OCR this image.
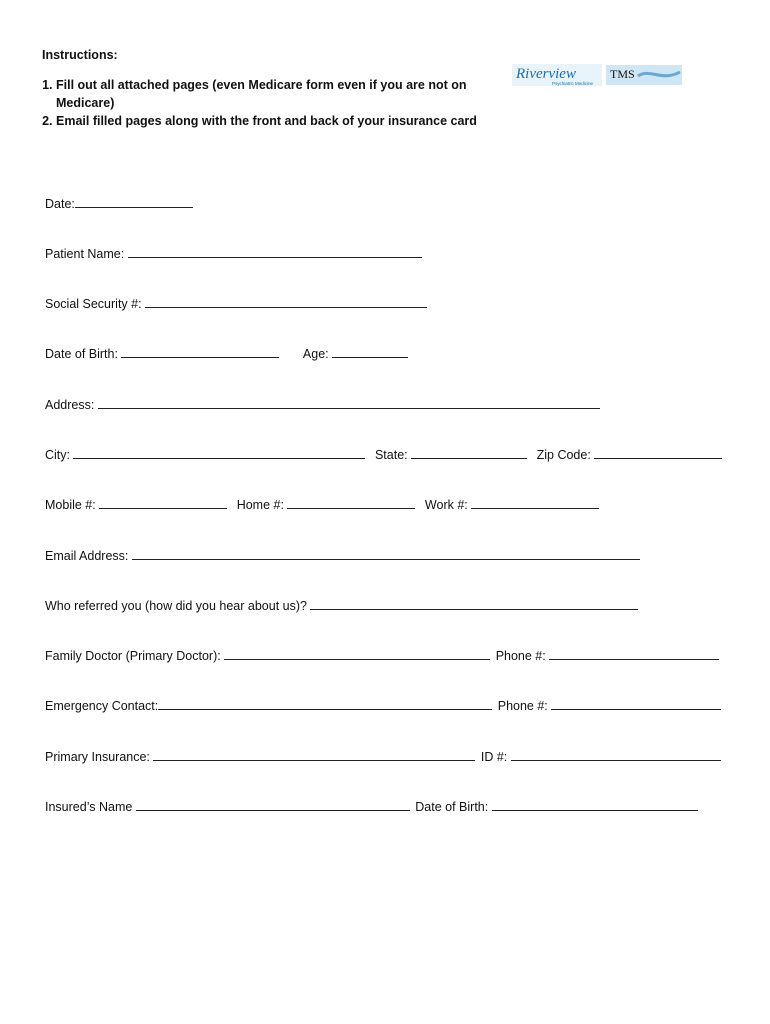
Instructions:
1. Fill out all attached pages (even Medicare form even if you are not on Medicare)
2. Email filled pages along with the front and back of your insurance card
Riverview
Psychiatric Medicine
TMS
Date:
Patient Name:
Social Security #:
Date of Birth:	Age:
Address:
City:	State:	Zip Code:
Mobile #:	Home #:	Work #:
Email Address:
Who referred you (how did you hear about us)?
Family Doctor (Primary Doctor):	Phone #:
Emergency Contact:	Phone #:
Primary Insurance:	ID #:
Insured’s Name	Date of Birth:
